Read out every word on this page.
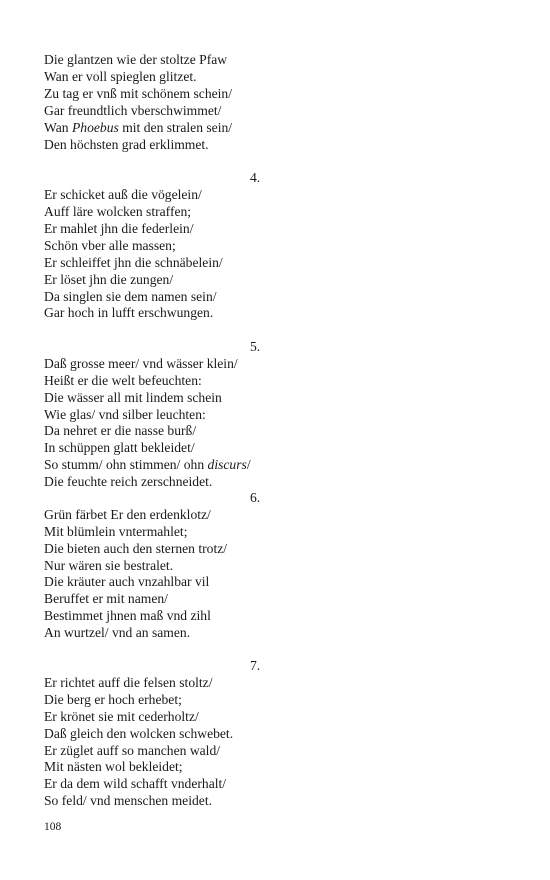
Die glantzen wie der stoltze Pfaw
Wan er voll spieglen glitzet.
Zu tag er vnß mit schönem schein/
Gar freundtlich vberschwimmet/
Wan Phoebus mit den stralen sein/
Den höchsten grad erklimmet.
4.
Er schicket auß die vögelein/
Auff läre wolcken straffen;
Er mahlet jhn die federlein/
Schön vber alle massen;
Er schleiffet jhn die schnäbelein/
Er löset jhn die zungen/
Da singlen sie dem namen sein/
Gar hoch in lufft erschwungen.
5.
Daß grosse meer/ vnd wässer klein/
Heißt er die welt befeuchten:
Die wässer all mit lindem schein
Wie glas/ vnd silber leuchten:
Da nehret er die nasse burß/
In schüppen glatt bekleidet/
So stumm/ ohn stimmen/ ohn discurs/
Die feuchte reich zerschneidet.
6.
Grün färbet Er den erdenklotz/
Mit blümlein vntermahlet;
Die bieten auch den sternen trotz/
Nur wären sie bestralet.
Die kräuter auch vnzahlbar vil
Beruffet er mit namen/
Bestimmet jhnen maß vnd zihl
An wurtzel/ vnd an samen.
7.
Er richtet auff die felsen stoltz/
Die berg er hoch erhebet;
Er krönet sie mit cederholtz/
Daß gleich den wolcken schwebet.
Er züglet auff so manchen wald/
Mit nästen wol bekleidet;
Er da dem wild schafft vnderhalt/
So feld/ vnd menschen meidet.
108
